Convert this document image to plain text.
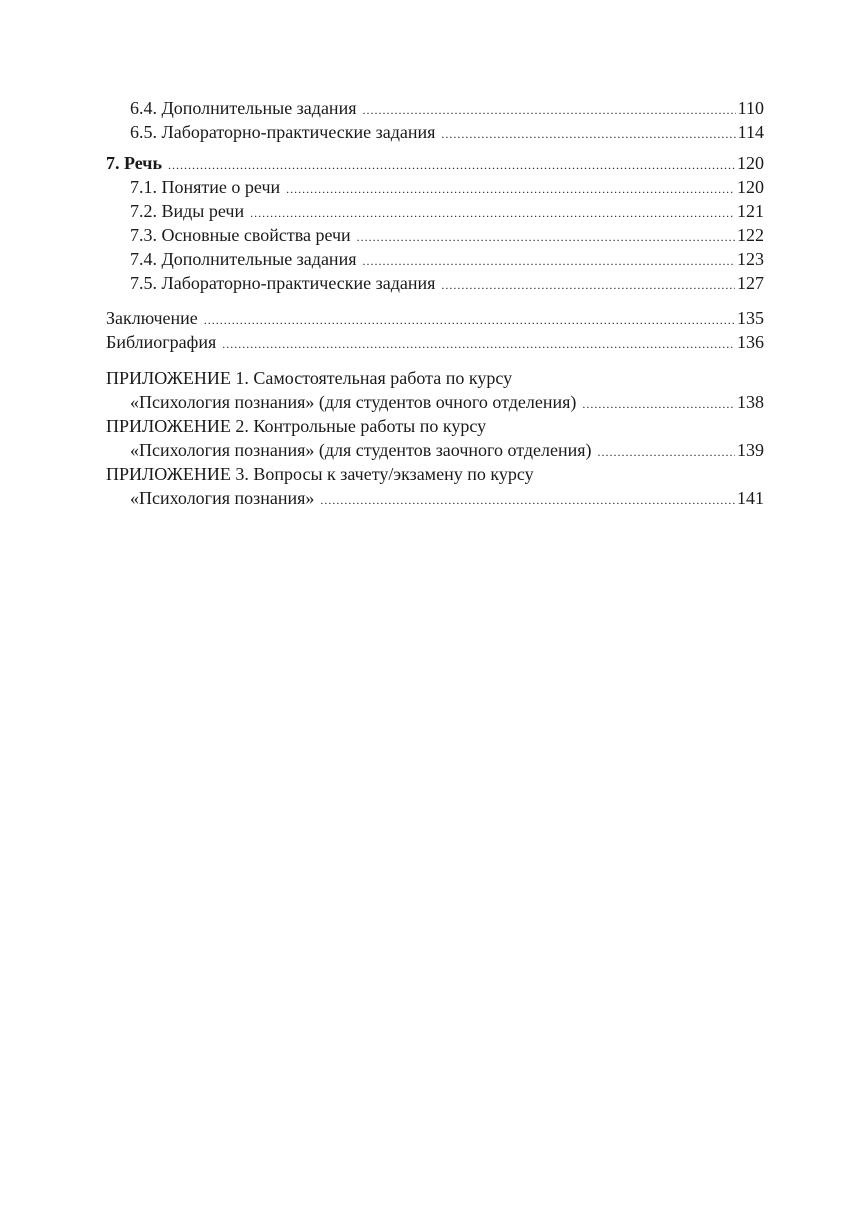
6.4. Дополнительные задания .....	110
6.5. Лабораторно-практические задания .....	114
7. Речь .....	120
7.1. Понятие о речи .....	120
7.2. Виды речи .....	121
7.3. Основные свойства речи .....	122
7.4. Дополнительные задания .....	123
7.5. Лабораторно-практические задания .....	127
Заключение .....	135
Библиография .....	136
ПРИЛОЖЕНИЕ 1. Самостоятельная работа по курсу
«Психология познания» (для студентов очного отделения) .....	138
ПРИЛОЖЕНИЕ 2. Контрольные работы по курсу
«Психология познания» (для студентов заочного отделения) .....	139
ПРИЛОЖЕНИЕ 3. Вопросы к зачету/экзамену по курсу
«Психология познания» .....	141
